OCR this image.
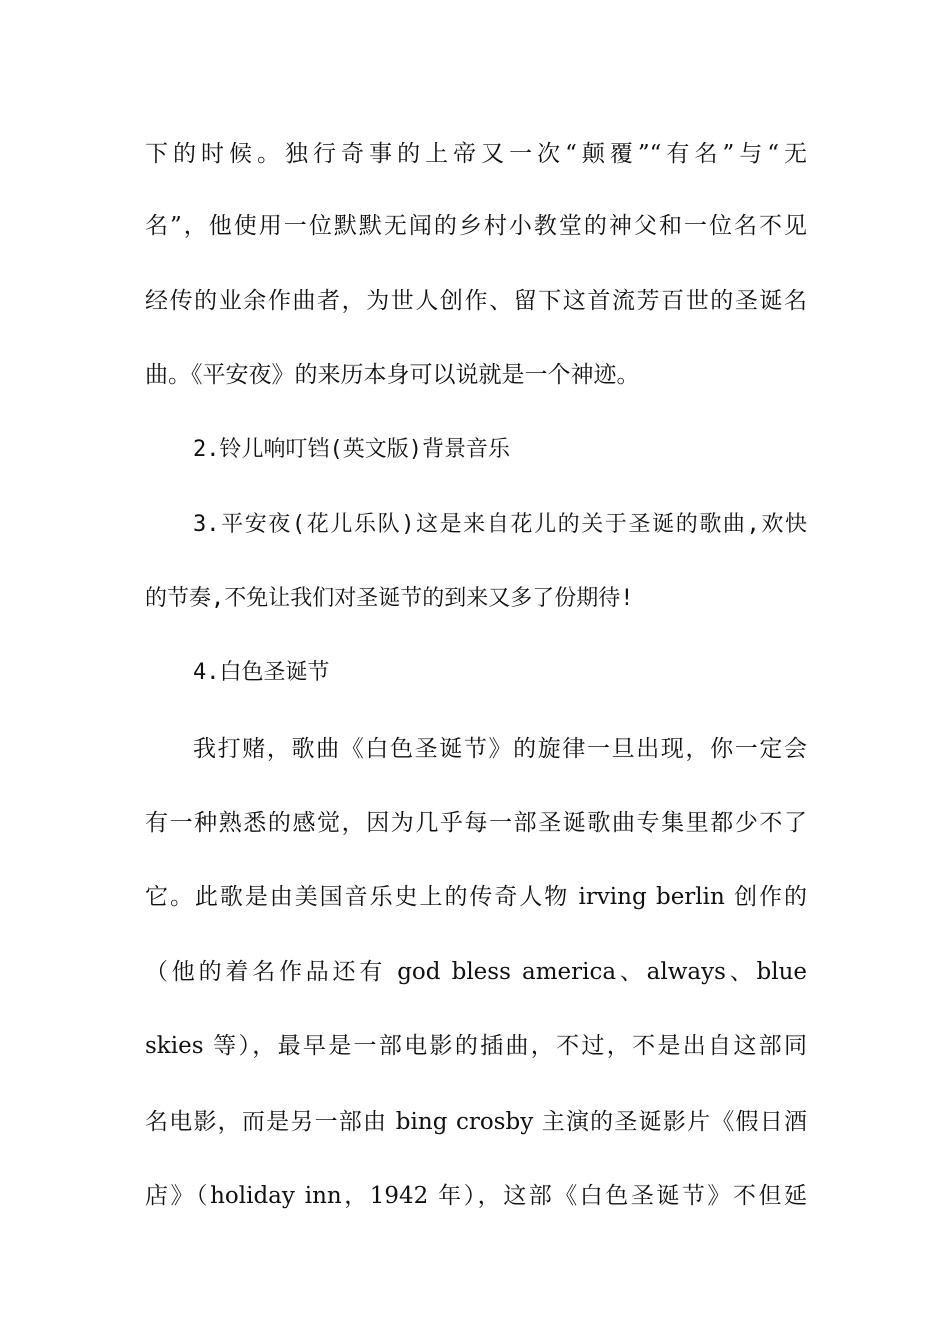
下的时候。独行奇事的上帝又一次“颠覆”“有名”与“无
名”，他使用一位默默无闻的乡村小教堂的神父和一位名不见
经传的业余作曲者，为世人创作、留下这首流芳百世的圣诞名
曲。《平安夜》的来历本身可以说就是一个神迹。
2.铃儿响叮铛(英文版)背景音乐
3.平安夜(花儿乐队)这是来自花儿的关于圣诞的歌曲,欢快
的节奏,不免让我们对圣诞节的到来又多了份期待!
4.白色圣诞节
我打赌，歌曲《白色圣诞节》的旋律一旦出现，你一定会
有一种熟悉的感觉，因为几乎每一部圣诞歌曲专集里都少不了
它。此歌是由美国音乐史上的传奇人物 irving berlin 创作的
（他的着名作品还有 god bless america、always、blue
skies 等），最早是一部电影的插曲，不过，不是出自这部同
名电影，而是另一部由 bing crosby 主演的圣诞影片《假日酒
店》（holiday inn，1942 年），这部《白色圣诞节》不但延
